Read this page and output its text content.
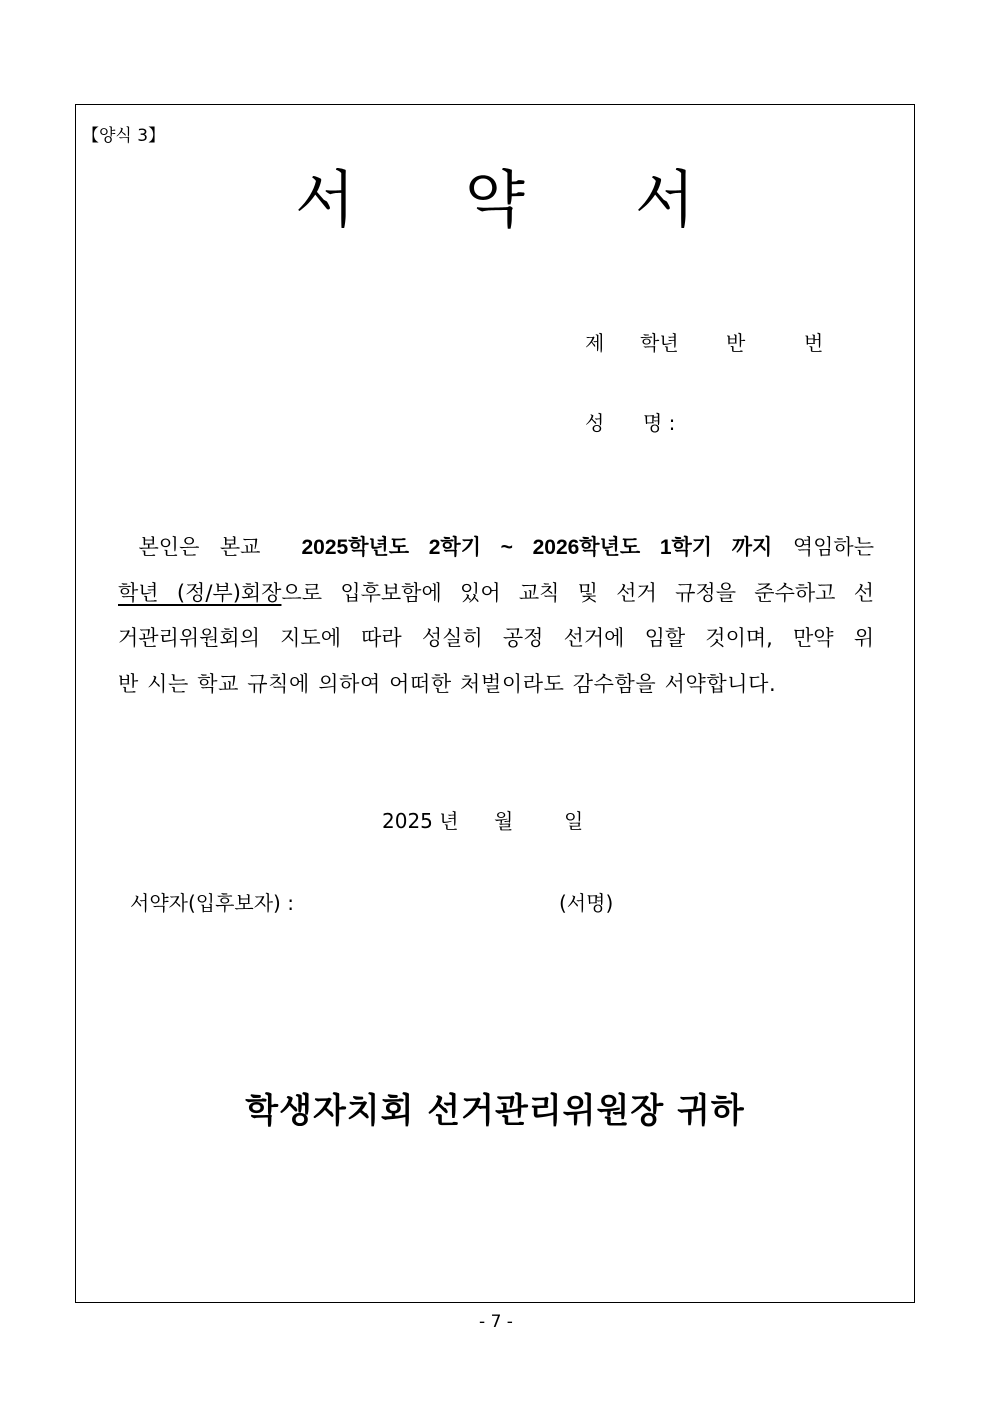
【양식 3】
서 약 서
제 학년 반	번
성 명 :
본인은 본교 2025학년도 2학기 ~ 2026학년도 1학기 까지 역임하는
학년 (정/부)회장으로 입후보함에 있어 교칙 및 선거 규정을 준수하고 선
거관리위원회의 지도에 따라 성실히 공정 선거에 임할 것이며, 만약 위
반 시는 학교 규칙에 의하여 어떠한 처벌이라도 감수함을 서약합니다.
2025 년 월	일
서약자(입후보자) :	(서명)
학생자치회 선거관리위원장 귀하
- 7 -
